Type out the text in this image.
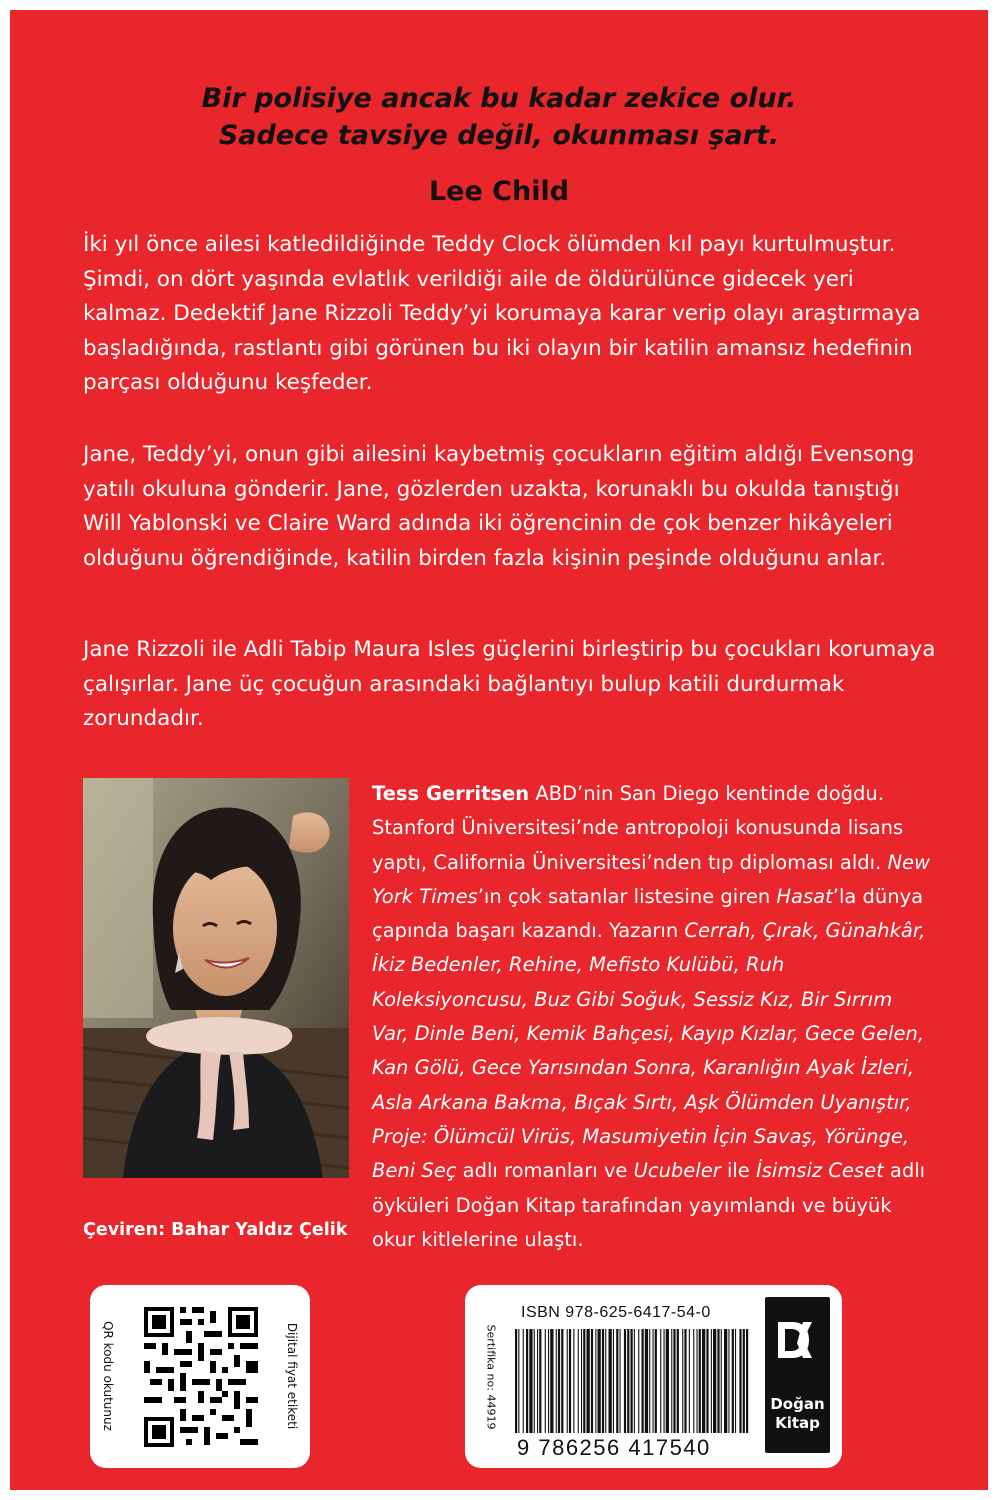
Bir polisiye ancak bu kadar zekice olur.
Sadece tavsiye değil, okunması şart.
Lee Child

İki yıl önce ailesi katledildiğinde Teddy Clock ölümden kıl payı kurtulmuştur. Şimdi, on dört yaşında evlatlık verildiği aile de öldürülünce gidecek yeri kalmaz. Dedektif Jane Rizzoli Teddy’yi korumaya karar verip olayı araştırmaya başladığında, rastlantı gibi görünen bu iki olayın bir katilin amansız hedefinin parçası olduğunu keşfeder.

Jane, Teddy’yi, onun gibi ailesini kaybetmiş çocukların eğitim aldığı Evensong yatılı okuluna gönderir. Jane, gözlerden uzakta, korunaklı bu okulda tanıştığı Will Yablonski ve Claire Ward adında iki öğrencinin de çok benzer hikâyeleri olduğunu öğrendiğinde, katilin birden fazla kişinin peşinde olduğunu anlar.

Jane Rizzoli ile Adli Tabip Maura Isles güçlerini birleştirip bu çocukları korumaya çalışırlar. Jane üç çocuğun arasındaki bağlantıyı bulup katili durdurmak zorundadır.

Çeviren: Bahar Yaldız Çelik

Tess Gerritsen ABD’nin San Diego kentinde doğdu. Stanford Üniversitesi’nde antropoloji konusunda lisans yaptı, California Üniversitesi’nden tıp diploması aldı. New York Times’ın çok satanlar listesine giren Hasat’la dünya çapında başarı kazandı. Yazarın Cerrah, Çırak, Günahkâr, İkiz Bedenler, Rehine, Mefisto Kulübü, Ruh Koleksiyoncusu, Buz Gibi Soğuk, Sessiz Kız, Bir Sırrım Var, Dinle Beni, Kemik Bahçesi, Kayıp Kızlar, Gece Gelen, Kan Gölü, Gece Yarısından Sonra, Karanlığın Ayak İzleri, Asla Arkana Bakma, Bıçak Sırtı, Aşk Ölümden Uyanıştır, Proje: Ölümcül Virüs, Masumiyetin İçin Savaş, Yörünge, Beni Seç adlı romanları ve Ucubeler ile İsimsiz Ceset adlı öyküleri Doğan Kitap tarafından yayımlandı ve büyük okur kitlelerine ulaştı.

QR kodu okutunuz	Dijital fiyat etiketi	Sertifika no: 44919
ISBN 978-625-6417-54-0
9 786256 417540
Doğan
Kitap
